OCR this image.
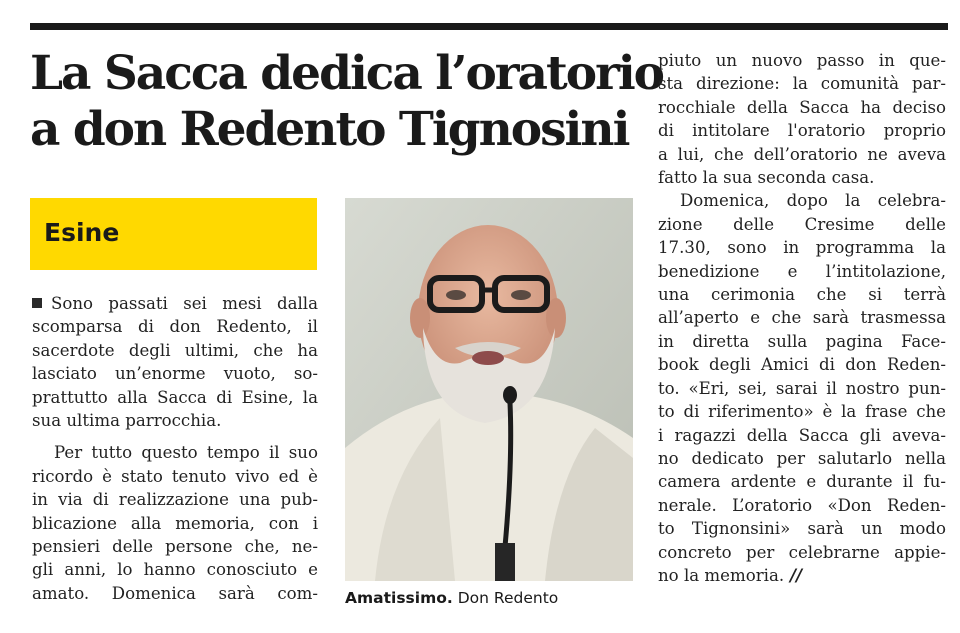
La Sacca dedica l’oratorio
a don Redento Tignosini
Esine

Sono passati sei mesi dalla
scomparsa di don Redento, il
sacerdote degli ultimi, che ha
lasciato un’enorme vuoto, so-
prattutto alla Sacca di Esine, la
sua ultima parrocchia.

Per tutto questo tempo il suo
ricordo è stato tenuto vivo ed è
in via di realizzazione una pub-
blicazione alla memoria, con i
pensieri delle persone che, ne-
gli anni, lo hanno conosciuto e
amato. Domenica sarà com- Amatissimo. Don Redento

piuto un nuovo passo in que-
sta direzione: la comunità par-
rocchiale della Sacca ha deciso
di intitolare l'oratorio proprio
a lui, che dell’oratorio ne aveva
fatto la sua seconda casa.

Domenica, dopo la celebra-
zione delle Cresime delle
17.30, sono in programma la
benedizione e l’intitolazione,
una cerimonia che si terrà
all’aperto e che sarà trasmessa
in diretta sulla pagina Face-
book degli Amici di don Reden-
to. «Eri, sei, sarai il nostro pun-
to di riferimento» è la frase che
i ragazzi della Sacca gli aveva-
no dedicato per salutarlo nella
camera ardente e durante il fu-
nerale. L’oratorio «Don Reden-
to Tignonsini» sarà un modo
concreto per celebrarne appie-
no la memoria. //
